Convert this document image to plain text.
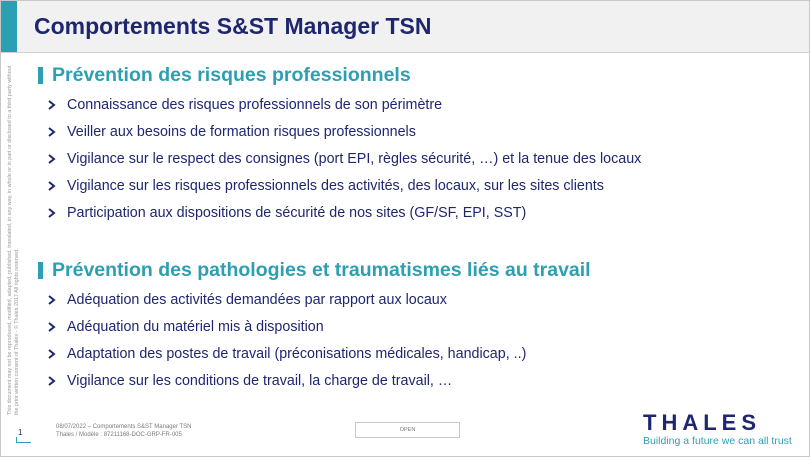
Comportements S&ST Manager TSN
This document may not be reproduced, modified, adapted, published, translated, in any way, in whole or in part or disclosed to a third party without the prior written consent of Thales - © Thales 2017 All rights reserved.
Prévention des risques professionnels
Connaissance des risques professionnels de son périmètre
Veiller aux besoins de formation risques professionnels
Vigilance sur le respect des consignes (port EPI, règles sécurité, …) et la tenue des locaux
Vigilance sur les risques professionnels des activités, des locaux, sur les sites clients
Participation aux dispositions de sécurité de nos sites (GF/SF, EPI, SST)
Prévention des pathologies et traumatismes liés au travail
Adéquation des activités demandées par rapport aux locaux
Adéquation du matériel mis à disposition
Adaptation des postes de travail (préconisations médicales, handicap, ..)
Vigilance sur les conditions de travail, la charge de travail, …
1
08/07/2022 – Comportements S&ST Manager TSN
Thales / Modèle : 87211168-DOC-GRP-FR-005
OPEN	THALES
Building a future we can all trust
